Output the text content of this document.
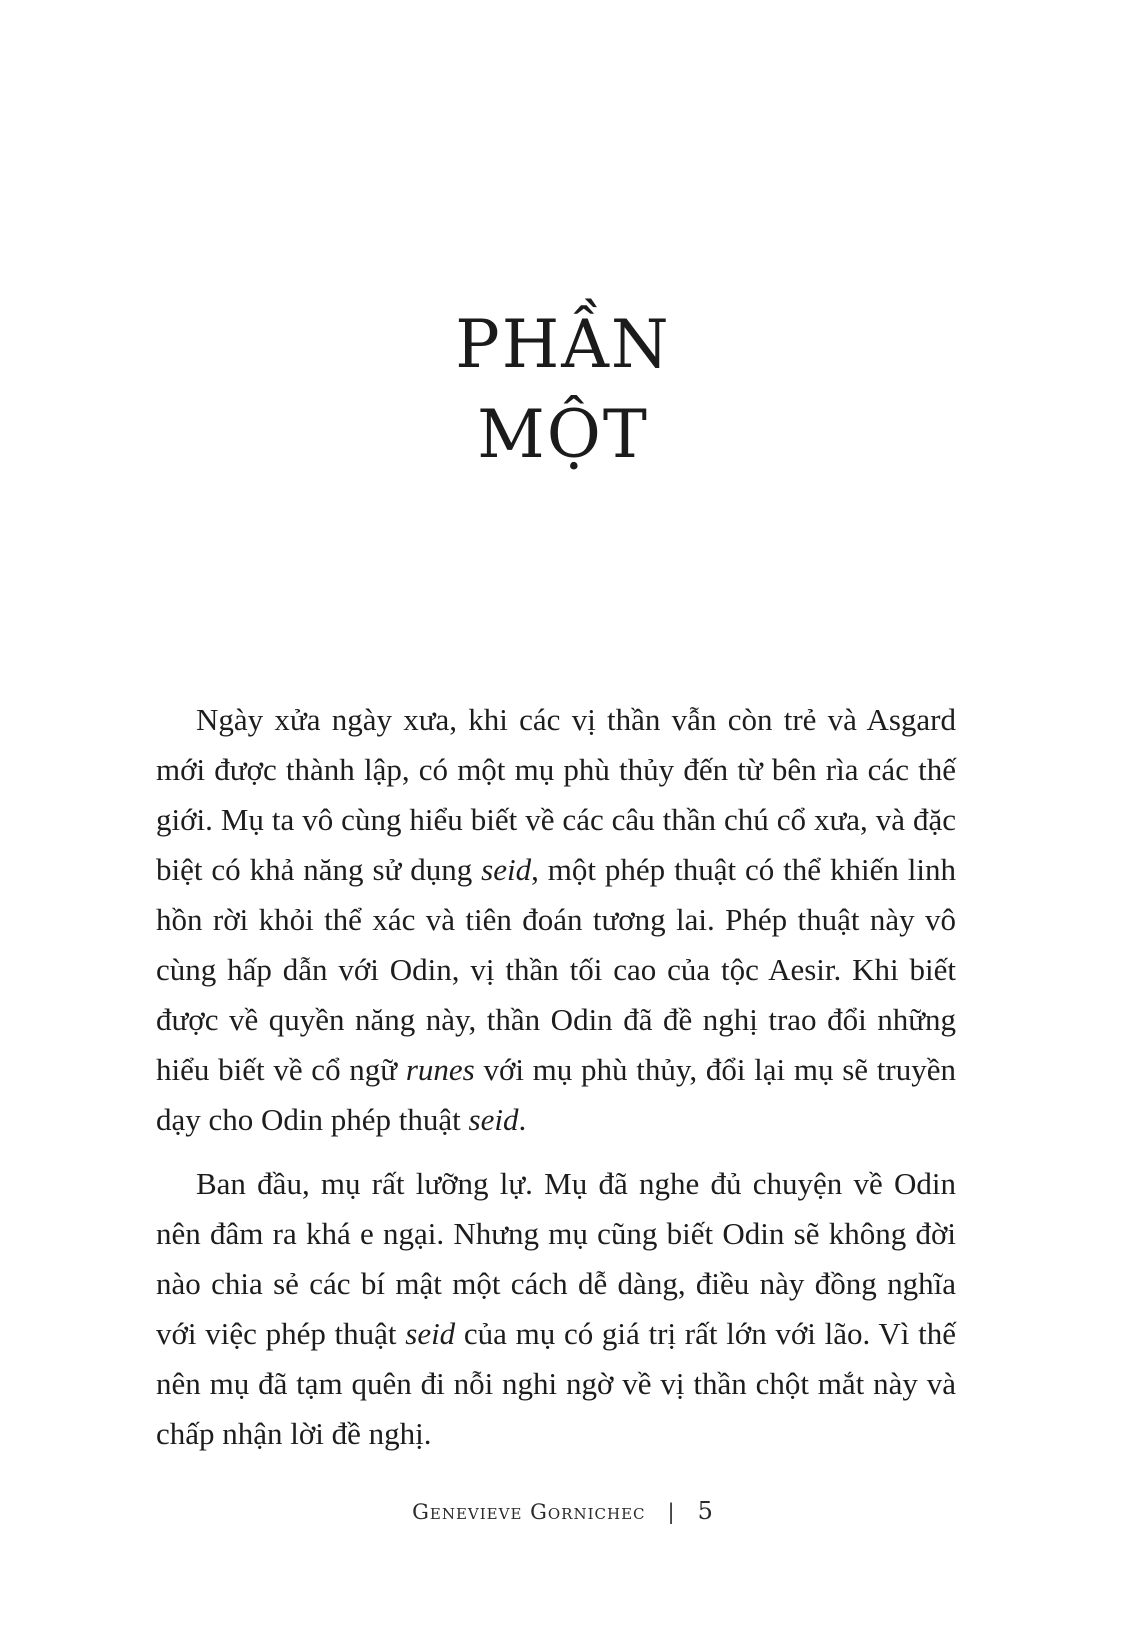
PHẦN
MỘT

Ngày xửa ngày xưa, khi các vị thần vẫn còn trẻ và Asgard mới được thành lập, có một mụ phù thủy đến từ bên rìa các thế giới. Mụ ta vô cùng hiểu biết về các câu thần chú cổ xưa, và đặc biệt có khả năng sử dụng seid, một phép thuật có thể khiến linh hồn rời khỏi thể xác và tiên đoán tương lai. Phép thuật này vô cùng hấp dẫn với Odin, vị thần tối cao của tộc Aesir. Khi biết được về quyền năng này, thần Odin đã đề nghị trao đổi những hiểu biết về cổ ngữ runes với mụ phù thủy, đổi lại mụ sẽ truyền dạy cho Odin phép thuật seid.

Ban đầu, mụ rất lưỡng lự. Mụ đã nghe đủ chuyện về Odin nên đâm ra khá e ngại. Nhưng mụ cũng biết Odin sẽ không đời nào chia sẻ các bí mật một cách dễ dàng, điều này đồng nghĩa với việc phép thuật seid của mụ có giá trị rất lớn với lão. Vì thế nên mụ đã tạm quên đi nỗi nghi ngờ về vị thần chột mắt này và chấp nhận lời đề nghị.

Genevieve Gornichec | 5
